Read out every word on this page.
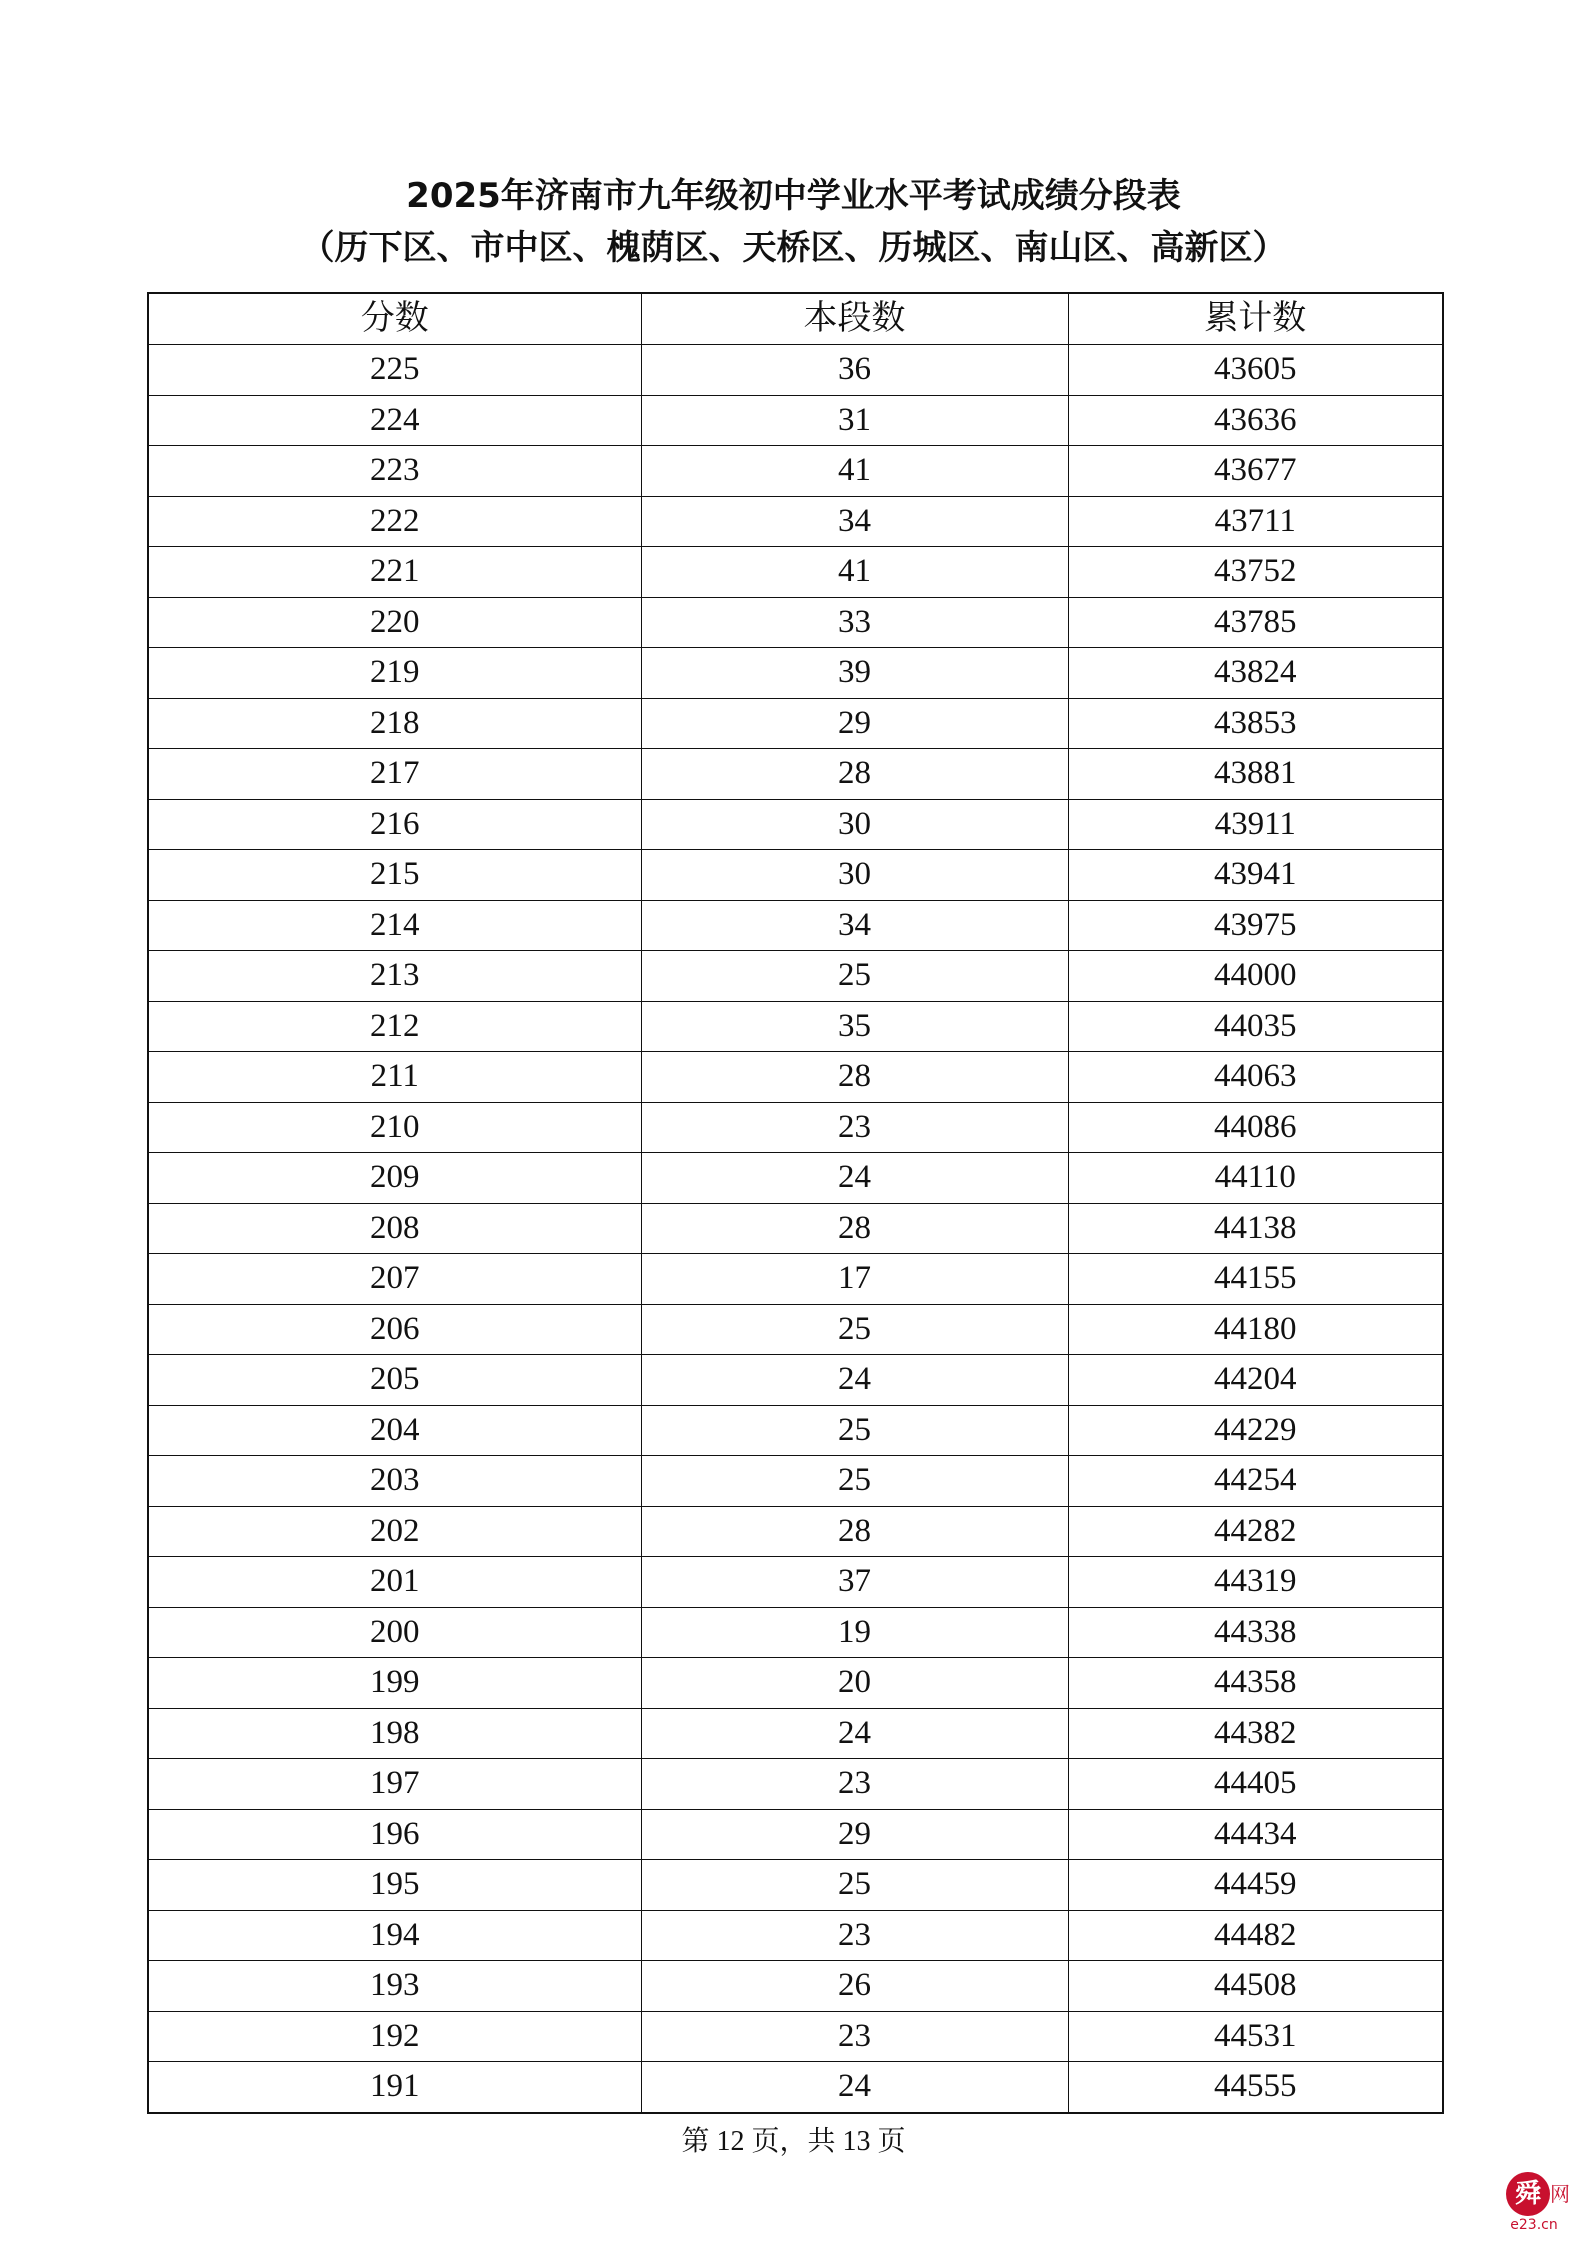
2025年济南市九年级初中学业水平考试成绩分段表
（历下区、市中区、槐荫区、天桥区、历城区、南山区、高新区）
分数	本段数	累计数
225	36	43605
224	31	43636
223	41	43677
222	34	43711
221	41	43752
220	33	43785
219	39	43824
218	29	43853
217	28	43881
216	30	43911
215	30	43941
214	34	43975
213	25	44000
212	35	44035
211	28	44063
210	23	44086
209	24	44110
208	28	44138
207	17	44155
206	25	44180
205	24	44204
204	25	44229
203	25	44254
202	28	44282
201	37	44319
200	19	44338
199	20	44358
198	24	44382
197	23	44405
196	29	44434
195	25	44459
194	23	44482
193	26	44508
192	23	44531
191	24	44555
第 12 页，共 13 页
舜 网
e23.cn
